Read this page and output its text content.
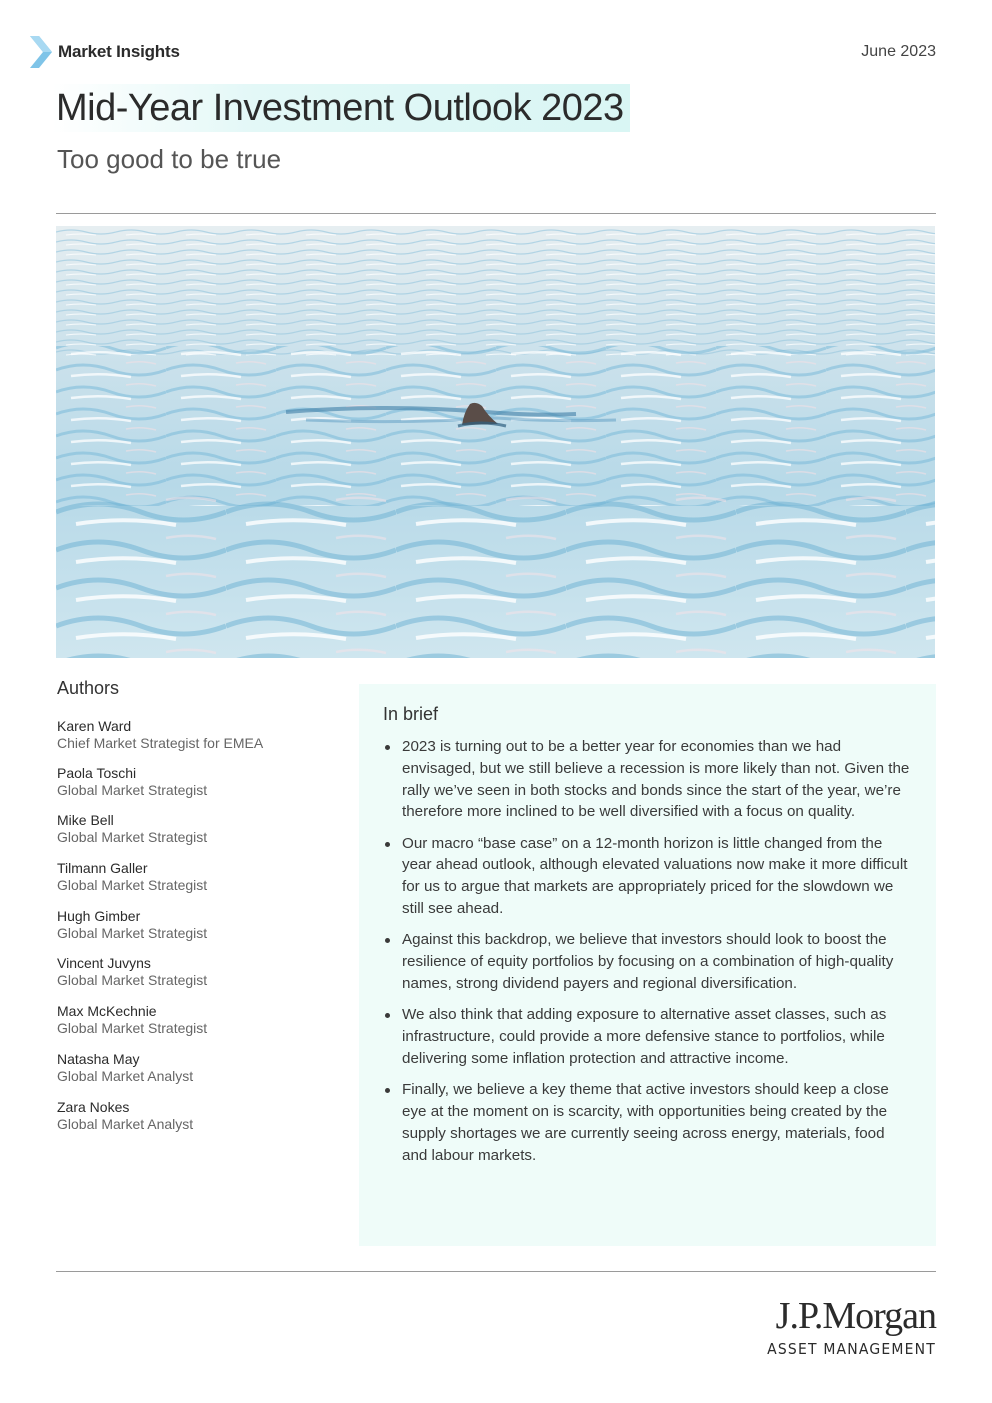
Market Insights	June 2023
Mid-Year Investment Outlook 2023
Too good to be true
Authors
Karen Ward
Chief Market Strategist for EMEA
Paola Toschi
Global Market Strategist
Mike Bell
Global Market Strategist
Tilmann Galler
Global Market Strategist
Hugh Gimber
Global Market Strategist
Vincent Juvyns
Global Market Strategist
Max McKechnie
Global Market Strategist
Natasha May
Global Market Analyst
Zara Nokes
Global Market Analyst
In brief
2023 is turning out to be a better year for economies than we had envisaged, but we still believe a recession is more likely than not. Given the rally we’ve seen in both stocks and bonds since the start of the year, we’re therefore more inclined to be well diversified with a focus on quality.
Our macro “base case” on a 12-month horizon is little changed from the year ahead outlook, although elevated valuations now make it more difficult for us to argue that markets are appropriately priced for the slowdown we still see ahead.
Against this backdrop, we believe that investors should look to boost the resilience of equity portfolios by focusing on a combination of high-quality names, strong dividend payers and regional diversification.
We also think that adding exposure to alternative asset classes, such as infrastructure, could provide a more defensive stance to portfolios, while delivering some inflation protection and attractive income.
Finally, we believe a key theme that active investors should keep a close eye at the moment on is scarcity, with opportunities being created by the supply shortages we are currently seeing across energy, materials, food and labour markets.
J.P.Morgan
ASSET MANAGEMENT
